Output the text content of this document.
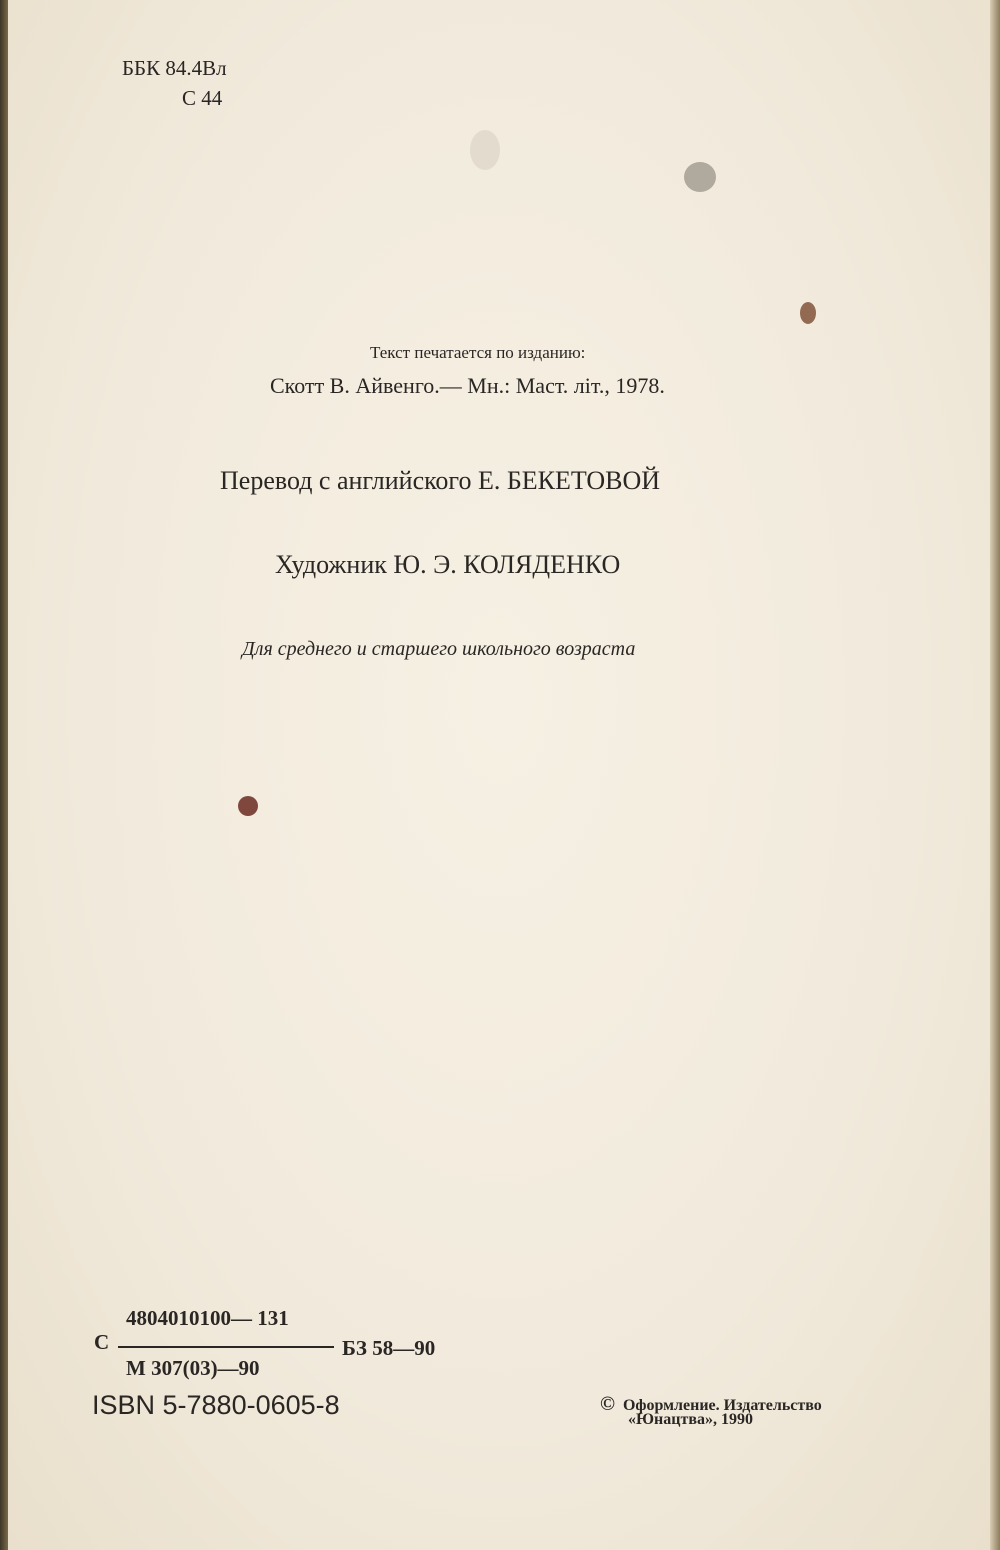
ББК 84.4Вл
С 44
Текст печатается по изданию:
Скотт В. Айвенго.— Мн.: Маст. літ., 1978.
Перевод с английского Е. БЕКЕТОВОЙ
Художник Ю. Э. КОЛЯДЕНКО
Для среднего и старшего школьного возраста
4804010100— 131
С
М 307(03)—90
БЗ 58—90
ISBN 5-7880-0605-8	© Оформление. Издательство
«Юнацтва», 1990
